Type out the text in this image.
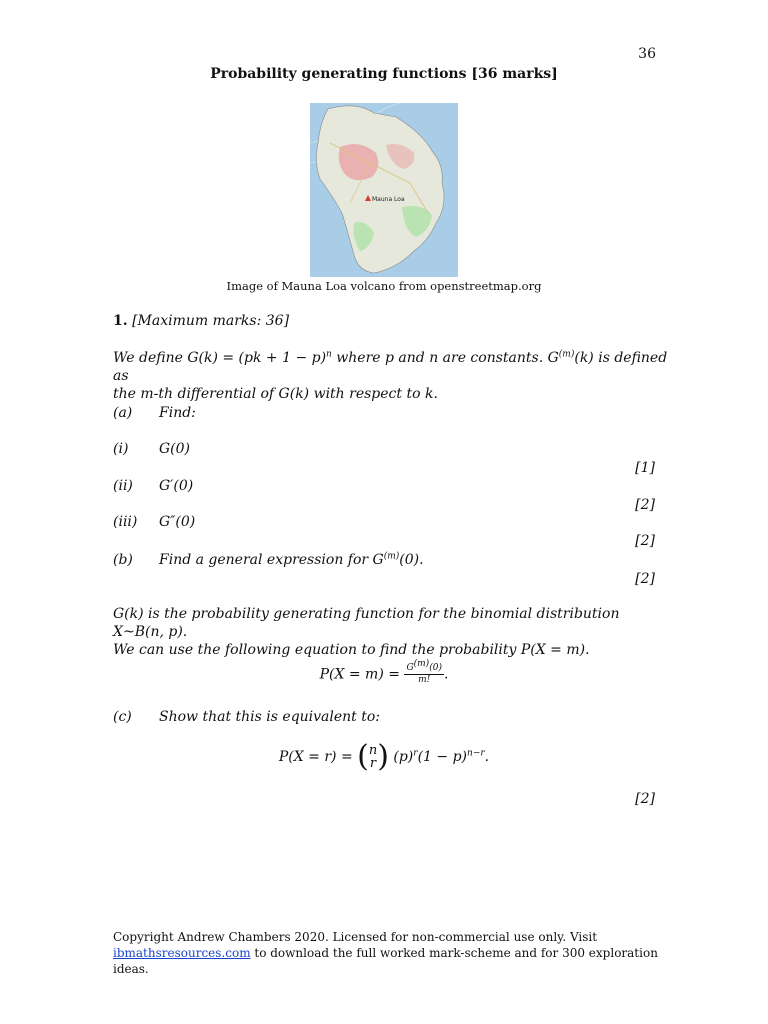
36
Probability generating functions [36 marks]
Mauna Loa
Image of Mauna Loa volcano from openstreetmap.org
1. [Maximum marks: 36]
We define G(k) = (pk + 1 − p)$^n$ where p and n are constants. $G^{(m)}(k)$ is defined as
the m-th differential of G(k) with respect to k.
(a) Find:
(i) G(0)
[1]
(ii) G′(0)
[2]
(iii) G″(0)
[2]
(b) Find a general expression for $G^{(m)}(0)$.
[2]
G(k) is the probability generating function for the binomial distribution X~B(n, p).
We can use the following equation to find the probability P(X = m).
$P(X = m) = \frac{G^{(m)}(0)}{m!}$ .
(c) Show that this is equivalent to:
P(X = r) = (n
r) $(p)^r(1 - p)^{n-r}$.
[2]
Copyright Andrew Chambers 2020. Licensed for non-commercial use only. Visit
ibmathsresources.com to download the full worked mark-scheme and for 300 exploration ideas.
